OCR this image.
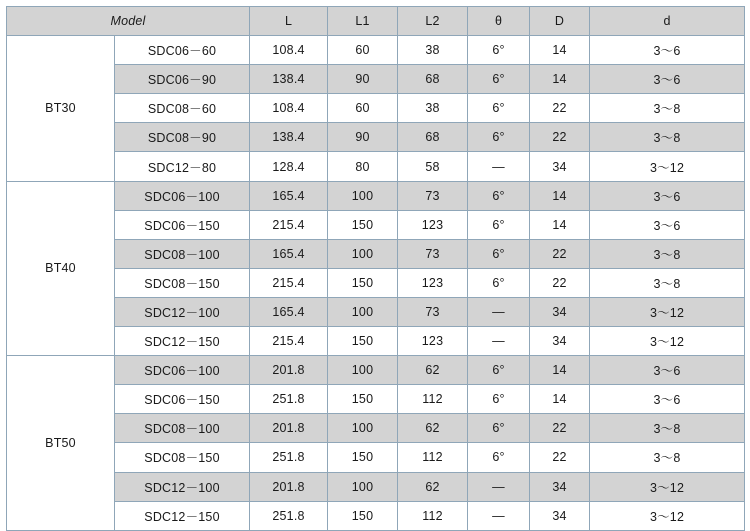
Model		L	L1	L2	θ	D	d
BT30	SDC06－60	108.4	60	38	6°	14	3～6
	SDC06－90	138.4	90	68	6°	14	3～6
	SDC08－60	108.4	60	38	6°	22	3～8
	SDC08－90	138.4	90	68	6°	22	3～8
	SDC12－80	128.4	80	58	—	34	3～12
BT40	SDC06－100	165.4	100	73	6°	14	3～6
	SDC06－150	215.4	150	123	6°	14	3～6
	SDC08－100	165.4	100	73	6°	22	3～8
	SDC08－150	215.4	150	123	6°	22	3～8
	SDC12－100	165.4	100	73	—	34	3～12
	SDC12－150	215.4	150	123	—	34	3～12
BT50	SDC06－100	201.8	100	62	6°	14	3～6
	SDC06－150	251.8	150	112	6°	14	3～6
	SDC08－100	201.8	100	62	6°	22	3～8
	SDC08－150	251.8	150	112	6°	22	3～8
	SDC12－100	201.8	100	62	—	34	3～12
	SDC12－150	251.8	150	112	—	34	3～12
